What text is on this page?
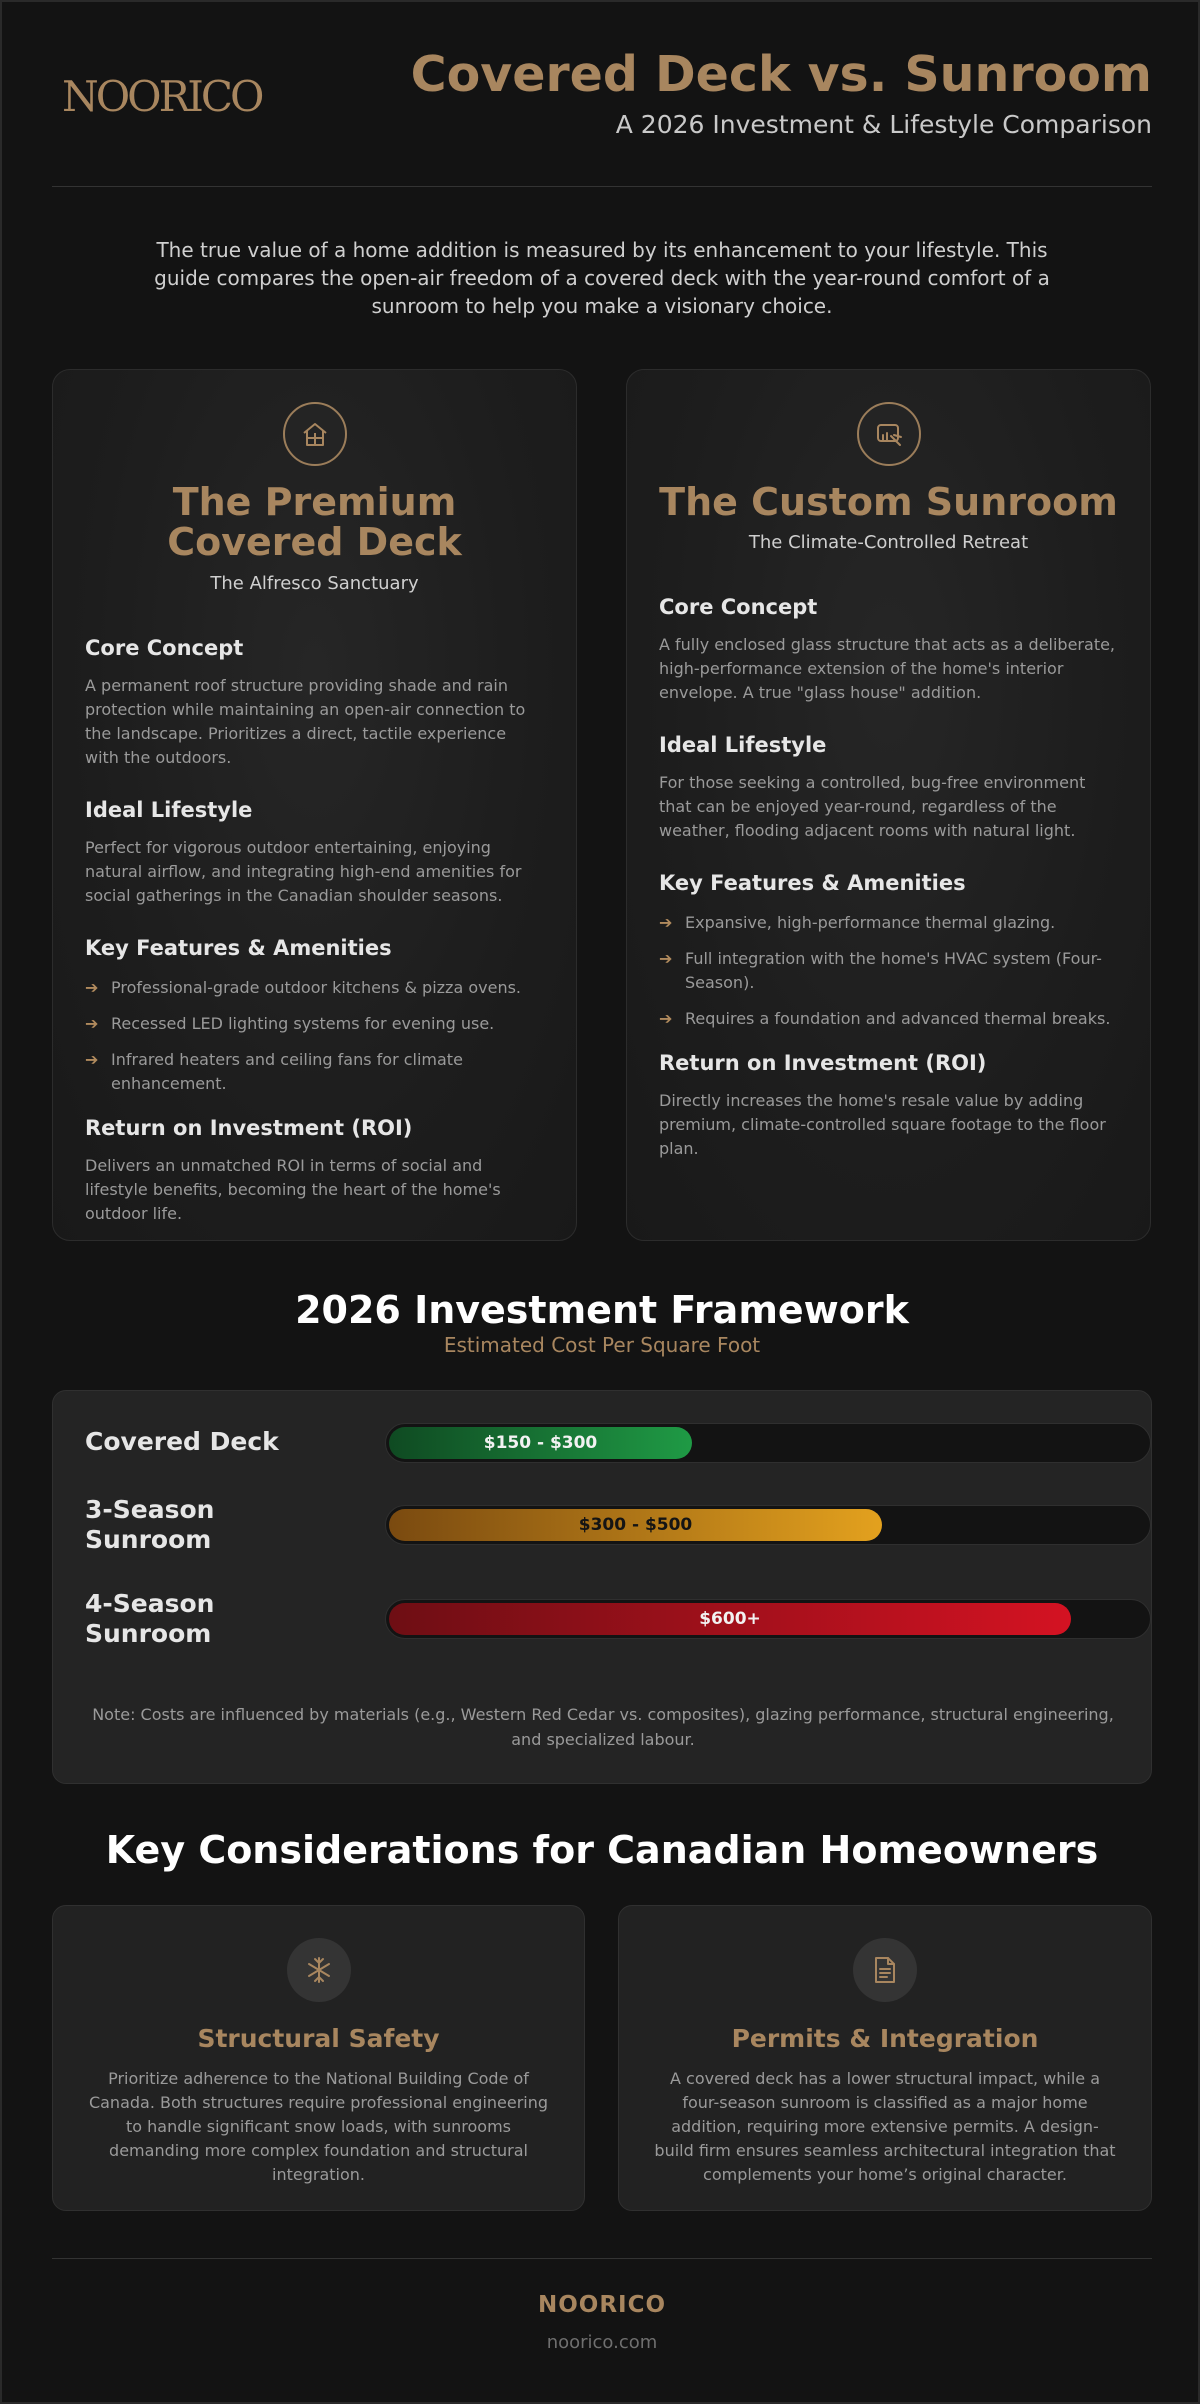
NOORICO	Covered Deck vs. Sunroom
A 2026 Investment & Lifestyle Comparison

The true value of a home addition is measured by its enhancement to your lifestyle. This guide compares the open-air freedom of a covered deck with the year-round comfort of a sunroom to help you make a visionary choice.

The Premium Covered Deck
The Alfresco Sanctuary
Core Concept

A permanent roof structure providing shade and rain protection while maintaining an open-air connection to the landscape. Prioritizes a direct, tactile experience with the outdoors.

Ideal Lifestyle

Perfect for vigorous outdoor entertaining, enjoying natural airflow, and integrating high-end amenities for social gatherings in the Canadian shoulder seasons.

Key Features & Amenities
➔ Professional-grade outdoor kitchens & pizza ovens.
➔ Recessed LED lighting systems for evening use.
➔ Infrared heaters and ceiling fans for climate enhancement.
Return on Investment (ROI)

Delivers an unmatched ROI in terms of social and lifestyle benefits, becoming the heart of the home's outdoor life.

The Custom Sunroom
The Climate-Controlled Retreat
Core Concept

A fully enclosed glass structure that acts as a deliberate, high-performance extension of the home's interior envelope. A true "glass house" addition.

Ideal Lifestyle

For those seeking a controlled, bug-free environment that can be enjoyed year-round, regardless of the weather, flooding adjacent rooms with natural light.

Key Features & Amenities
➔ Expansive, high-performance thermal glazing.
➔ Full integration with the home's HVAC system (Four-Season).
➔ Requires a foundation and advanced thermal breaks.
Return on Investment (ROI)

Directly increases the home's resale value by adding premium, climate-controlled square footage to the floor plan.

2026 Investment Framework
Estimated Cost Per Square Foot
Covered Deck	$150 - $300
3-Season Sunroom	$300 - $500
4-Season Sunroom	$600+

Note: Costs are influenced by materials (e.g., Western Red Cedar vs. composites), glazing performance, structural engineering, and specialized labour.

Key Considerations for Canadian Homeowners
Structural Safety

Prioritize adherence to the National Building Code of Canada. Both structures require professional engineering to handle significant snow loads, with sunrooms demanding more complex foundation and structural integration.

Permits & Integration

A covered deck has a lower structural impact, while a four-season sunroom is classified as a major home addition, requiring more extensive permits. A design-build firm ensures seamless architectural integration that complements your home’s original character.

NOORICO
noorico.com
